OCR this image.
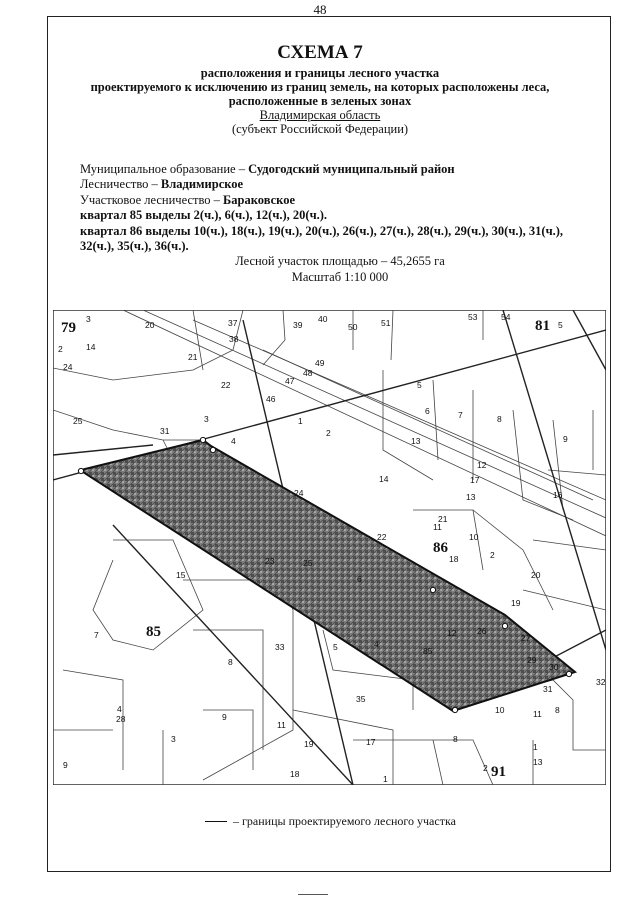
48
СХЕМА 7
расположения и границы лесного участка
проектируемого к исключению из границ земель, на которых расположены леса,
расположенные в зеленых зонах
Владимирская область
(субъект Российской Федерации)
Муниципальное образование – Судогодский муниципальный район
Лесничество – Владимирское
Участковое лесничество – Бараковское
квартал 85 выделы 2(ч.), 6(ч.), 12(ч.), 20(ч.).
квартал 86 выделы 10(ч.), 18(ч.), 19(ч.), 20(ч.), 26(ч.), 27(ч.), 28(ч.), 29(ч.), 30(ч.), 31(ч.),
32(ч.), 35(ч.), 36(ч.).
Лесной участок площадью – 45,2655 га
Масштаб 1:10 000
79	81
85
86
91
3
20	37
38
39
40
50	51
53	54
5
2	14
24
21
22
49
48
47
46
3	1
2
25
31
4
5
6	7	8
9
13
12
17
13	16
14
24
11
10
21
22
2
20
23	25
6
18
19
15
7
33	5	4
85
12 26
27
29
30
31
32
8
35
4
9
11
28
3	19	17	8
9
18	1
1
13
10	11 8
2
– границы проектируемого лесного участка
